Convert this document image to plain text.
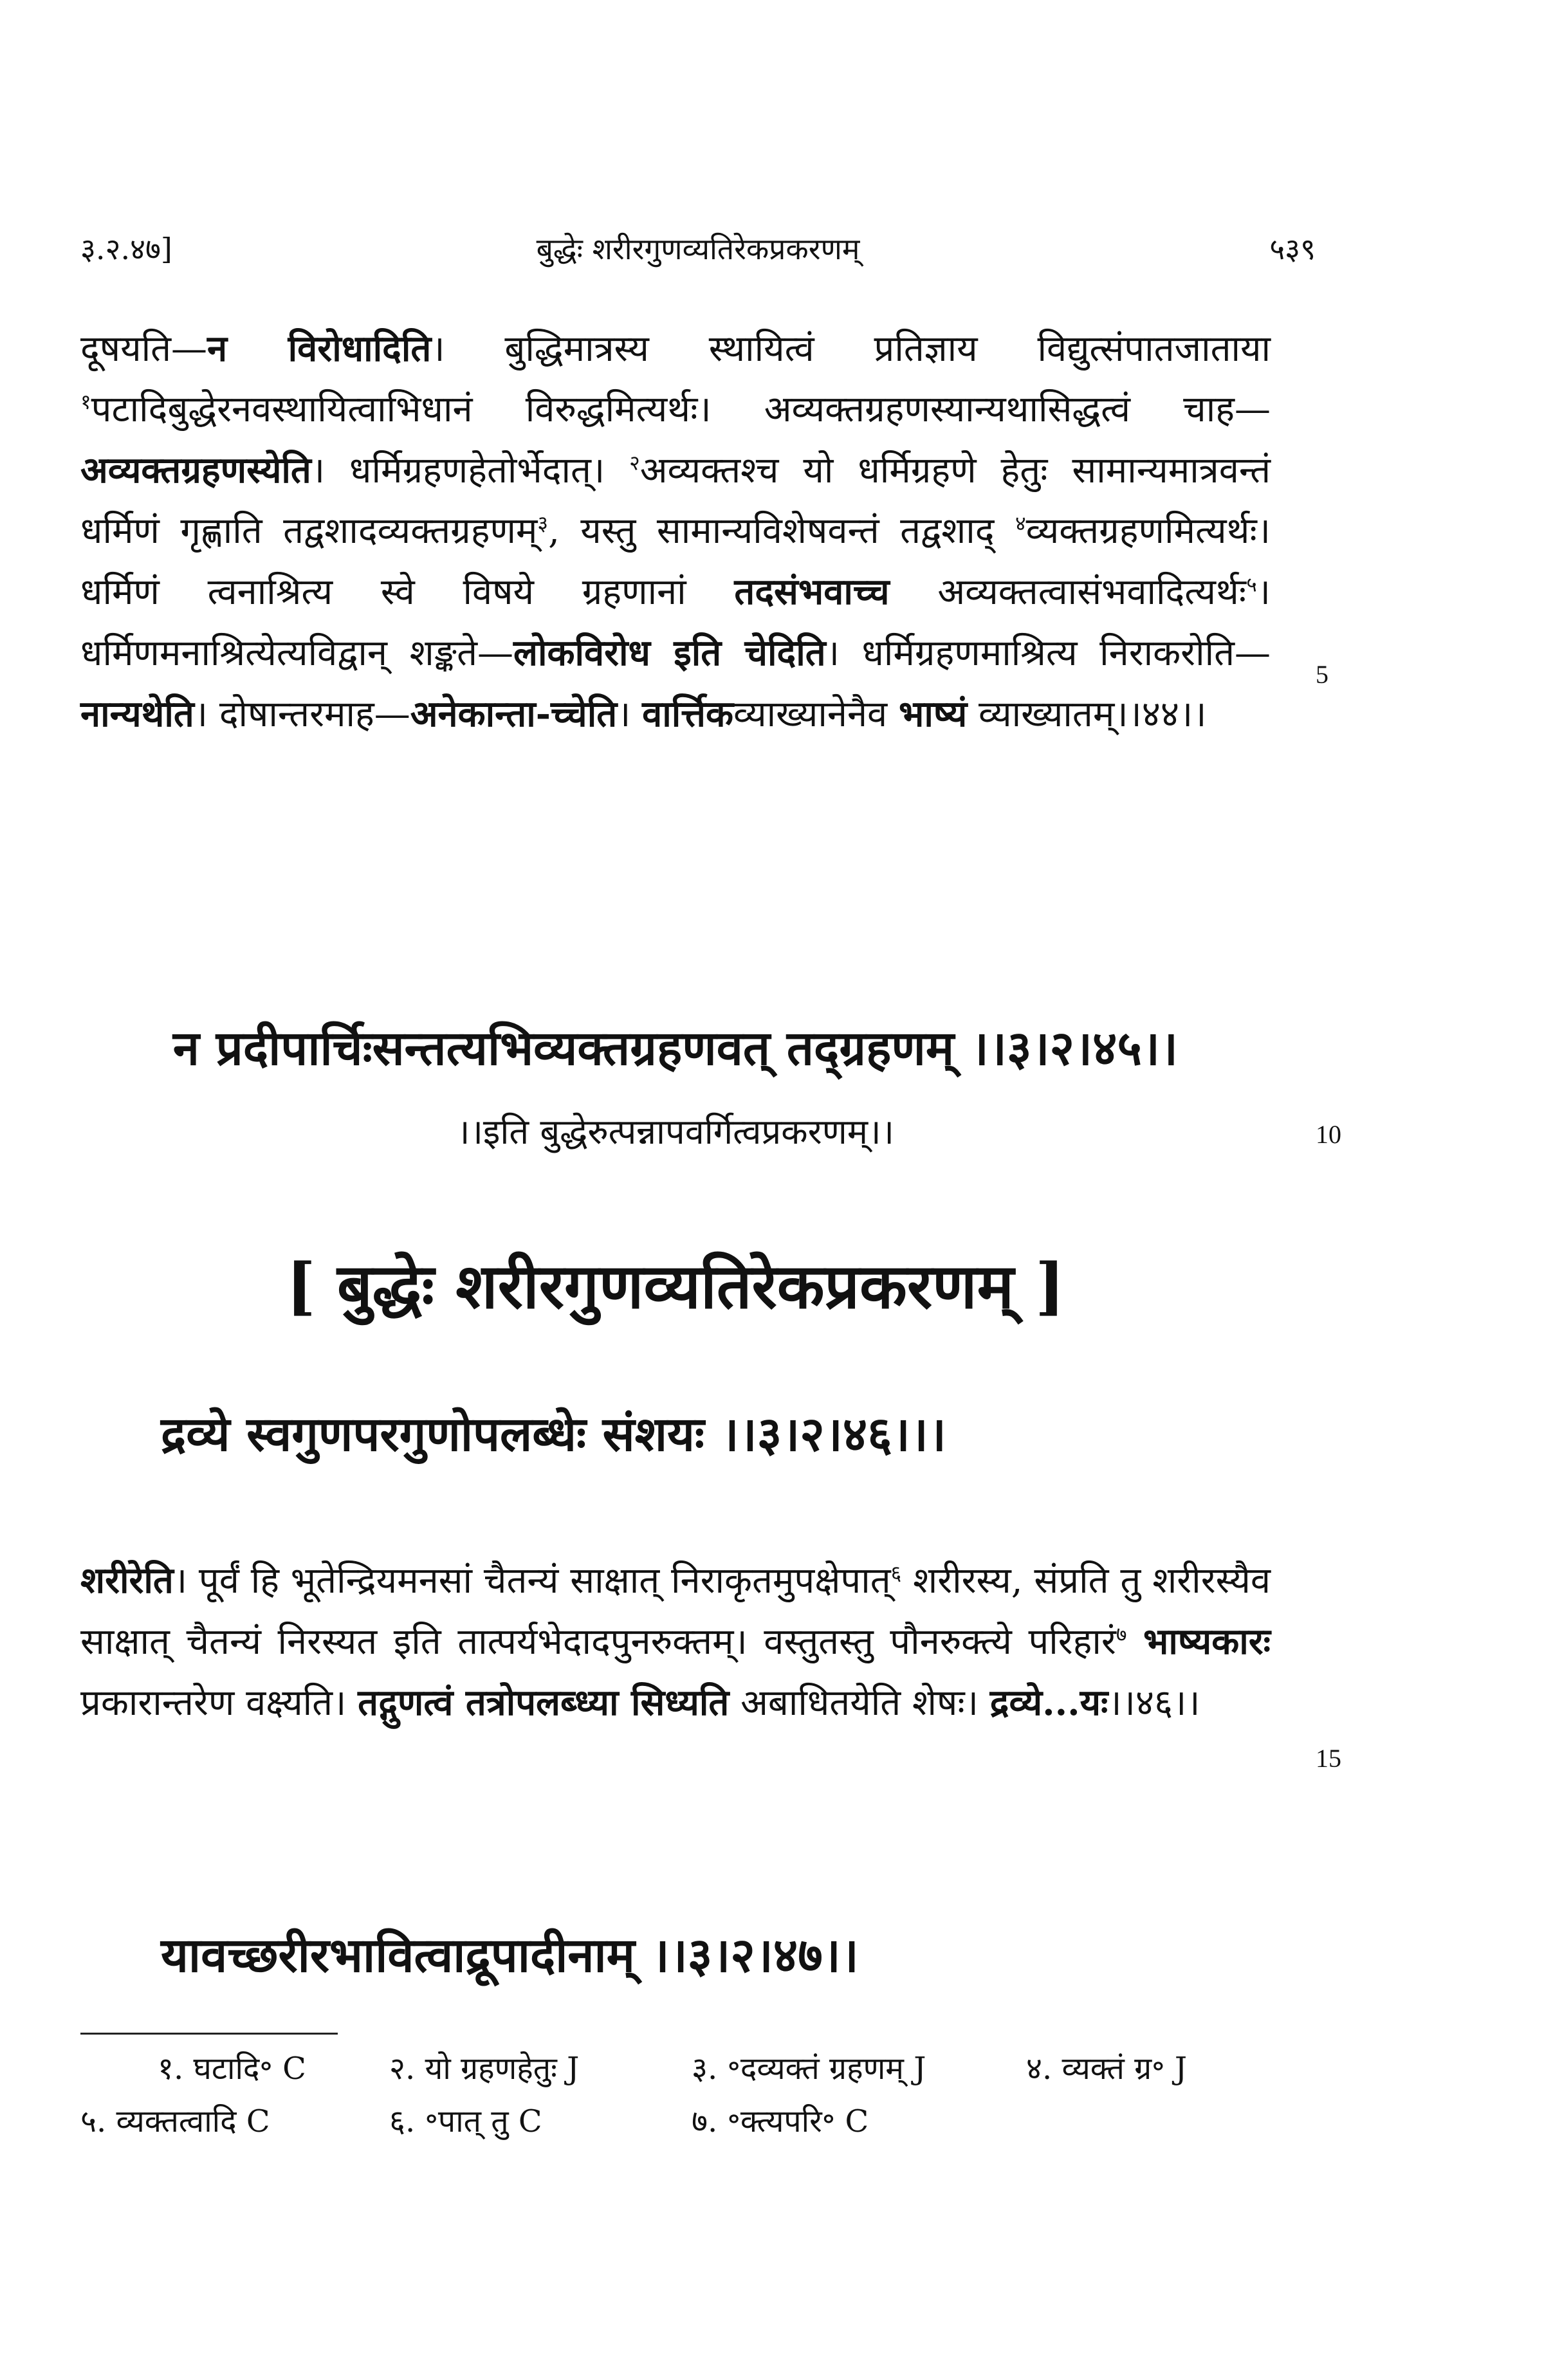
३.२.४७]	बुद्धेः शरीरगुणव्यतिरेकप्रकरणम्	५३९
दूषयति—न विरोधादिति। बुद्धिमात्रस्य स्थायित्वं प्रतिज्ञाय विद्युत्संपातजाताया $^१$पटादिबुद्धेरनवस्थायित्वाभिधानं विरुद्धमित्यर्थः। अव्यक्तग्रहणस्यान्यथासिद्धत्वं चाह—अव्यक्तग्रहणस्येति। धर्मिग्रहणहेतोर्भेदात्। $^२$अव्यक्तश्च यो धर्मिग्रहणे हेतुः सामान्यमात्रवन्तं धर्मिणं गृह्णाति तद्वशादव्यक्तग्रहणम्$^३$, यस्तु सामान्यविशेषवन्तं तद्वशाद् $^४$व्यक्तग्रहणमित्यर्थः। धर्मिणं त्वनाश्रित्य स्वे विषये ग्रहणानां तदसंभवाच्च अव्यक्तत्वासंभवादित्यर्थः$^५$। धर्मिणमनाश्रित्येत्यविद्वान् शङ्कते—लोकविरोध इति चेदिति। धर्मिग्रहणमाश्रित्य निराकरोति—नान्यथेति। दोषान्तरमाह—अनेकान्ता-च्चेति। वार्त्तिकव्याख्यानेनैव भाष्यं व्याख्यातम्।।४४।।
5
न प्रदीपार्चिःसन्तत्यभिव्यक्तग्रहणवत् तद्ग्रहणम् ।।३।२।४५।।
।।इति बुद्धेरुत्पन्नापवर्गित्वप्रकरणम्।।	10
[ बुद्धेः शरीरगुणव्यतिरेकप्रकरणम् ]
द्रव्ये स्वगुणपरगुणोपलब्धेः संशयः ।।३।२।४६।।।
शरीरेति। पूर्वं हि भूतेन्द्रियमनसां चैतन्यं साक्षात् निराकृतमुपक्षेपात्$^६$ शरीरस्य, संप्रति तु शरीरस्यैव साक्षात् चैतन्यं निरस्यत इति तात्पर्यभेदादपुनरुक्तम्। वस्तुतस्तु पौनरुक्त्ये परिहारं$^७$ भाष्यकारः प्रकारान्तरेण वक्ष्यति। तद्गुणत्वं तत्रोपलब्ध्या सिध्यति अबाधितयेति शेषः। द्रव्ये...यः।।४६।।
15
यावच्छरीरभावित्वाद्रूपादीनाम् ।।३।२।४७।।
१. घटादि॰ C	२. यो ग्रहणहेतुः J	३. ॰दव्यक्तं ग्रहणम् J	४. व्यक्तं ग्र॰ J
५. व्यक्तत्वादि C	६. ॰पात् तु C	७. ॰क्त्यपरि॰ C
